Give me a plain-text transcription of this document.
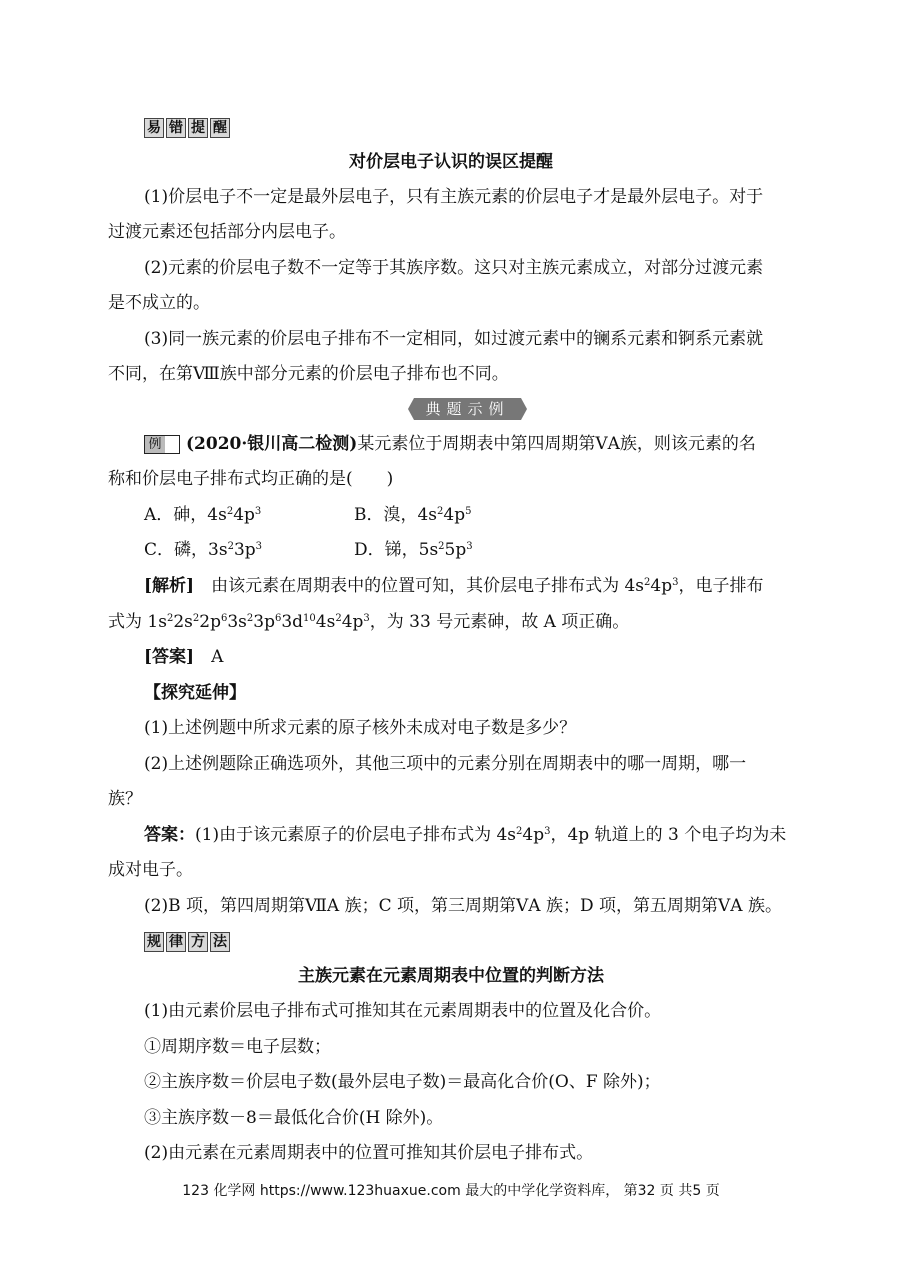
易 错 提 醒
对价层电子认识的误区提醒
(1)价层电子不一定是最外层电子，只有主族元素的价层电子才是最外层电子。对于
过渡元素还包括部分内层电子。
(2)元素的价层电子数不一定等于其族序数。这只对主族元素成立，对部分过渡元素
是不成立的。
(3)同一族元素的价层电子排布不一定相同，如过渡元素中的镧系元素和锕系元素就
不同，在第Ⅷ族中部分元素的价层电子排布也不同。
典题示例
例 (2020·银川高二检测)某元素位于周期表中第四周期第ⅤA族，则该元素的名
称和价层电子排布式均正确的是(　　)
A．砷，$4s^24p^3$	B．溴，$4s^24p^5$
C．磷，$3s^23p^3$	D．锑，$5s^25p^3$
[解析]　 由该元素在周期表中的位置可知，其价层电子排布式为 $4s^24p^3$，电子排布
式为 $1s^22s^22p^63s^23p^63d^{10}4s^24p^3$，为 33 号元素砷，故 A 项正确。
[答案]　 A
【探究延伸】
(1)上述例题中所求元素的原子核外未成对电子数是多少？
(2)上述例题除正确选项外，其他三项中的元素分别在周期表中的哪一周期，哪一
族？
答案：(1)由于该元素原子的价层电子排布式为 $4s^24p^3$，4p 轨道上的 3 个电子均为未
成对电子。
(2)B 项，第四周期第ⅦA 族；C 项，第三周期第ⅤA 族；D 项，第五周期第ⅤA 族。
规 律 方 法
主族元素在元素周期表中位置的判断方法
(1)由元素价层电子排布式可推知其在元素周期表中的位置及化合价。
①周期序数＝电子层数；
②主族序数＝价层电子数(最外层电子数)＝最高化合价(O、F 除外)；
③主族序数－8＝最低化合价(H 除外)。
(2)由元素在元素周期表中的位置可推知其价层电子排布式。
123 化学网 https://www.123huaxue.com 最大的中学化学资料库， 第32 页 共5 页
